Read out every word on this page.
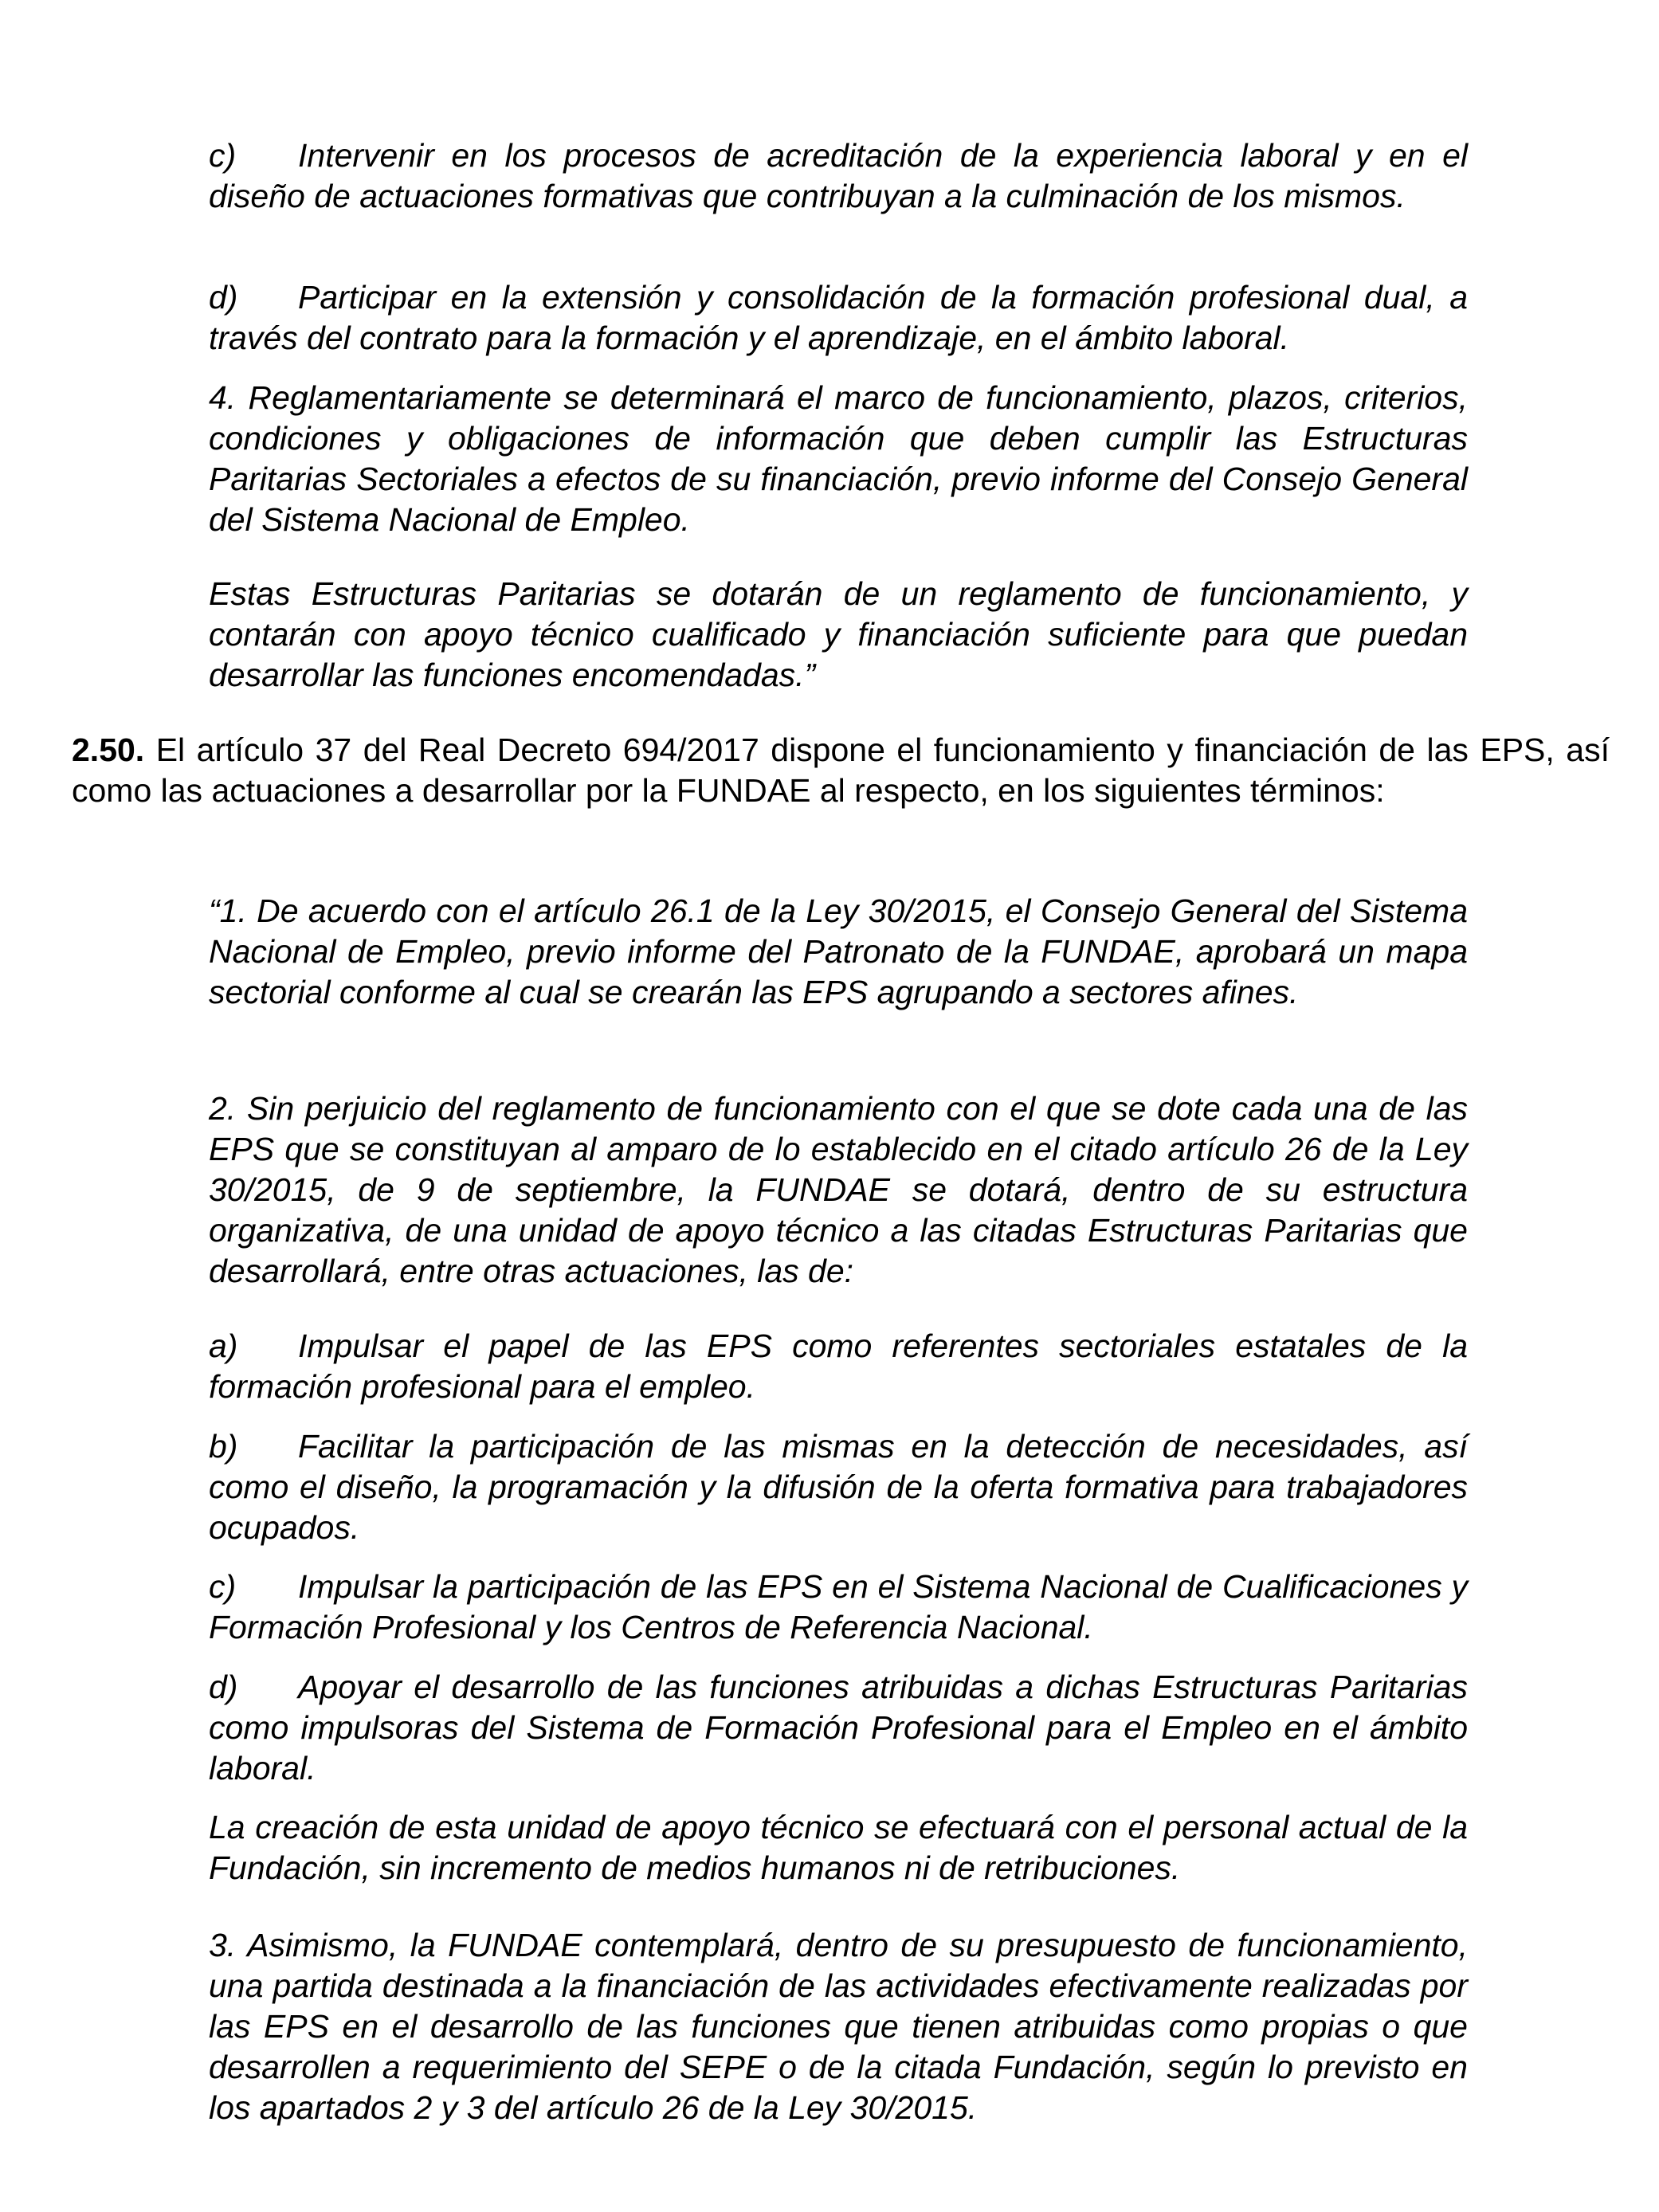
c) Intervenir en los procesos de acreditación de la experiencia laboral y en el diseño de actuaciones formativas que contribuyan a la culminación de los mismos.

d) Participar en la extensión y consolidación de la formación profesional dual, a través del contrato para la formación y el aprendizaje, en el ámbito laboral.

4. Reglamentariamente se determinará el marco de funcionamiento, plazos, criterios, condiciones y obligaciones de información que deben cumplir las Estructuras Paritarias Sectoriales a efectos de su financiación, previo informe del Consejo General del Sistema Nacional de Empleo.

Estas Estructuras Paritarias se dotarán de un reglamento de funcionamiento, y contarán con apoyo técnico cualificado y financiación suficiente para que puedan desarrollar las funciones encomendadas.”

2.50. El artículo 37 del Real Decreto 694/2017 dispone el funcionamiento y financiación de las EPS, así como las actuaciones a desarrollar por la FUNDAE al respecto, en los siguientes términos:

“1. De acuerdo con el artículo 26.1 de la Ley 30/2015, el Consejo General del Sistema Nacional de Empleo, previo informe del Patronato de la FUNDAE, aprobará un mapa sectorial conforme al cual se crearán las EPS agrupando a sectores afines.

2. Sin perjuicio del reglamento de funcionamiento con el que se dote cada una de las EPS que se constituyan al amparo de lo establecido en el citado artículo 26 de la Ley 30/2015, de 9 de septiembre, la FUNDAE se dotará, dentro de su estructura organizativa, de una unidad de apoyo técnico a las citadas Estructuras Paritarias que desarrollará, entre otras actuaciones, las de:

a) Impulsar el papel de las EPS como referentes sectoriales estatales de la formación profesional para el empleo.

b) Facilitar la participación de las mismas en la detección de necesidades, así como el diseño, la programación y la difusión de la oferta formativa para trabajadores ocupados.

c) Impulsar la participación de las EPS en el Sistema Nacional de Cualificaciones y Formación Profesional y los Centros de Referencia Nacional.

d) Apoyar el desarrollo de las funciones atribuidas a dichas Estructuras Paritarias como impulsoras del Sistema de Formación Profesional para el Empleo en el ámbito laboral.

La creación de esta unidad de apoyo técnico se efectuará con el personal actual de la Fundación, sin incremento de medios humanos ni de retribuciones.

3. Asimismo, la FUNDAE contemplará, dentro de su presupuesto de funcionamiento, una partida destinada a la financiación de las actividades efectivamente realizadas por las EPS en el desarrollo de las funciones que tienen atribuidas como propias o que desarrollen a requerimiento del SEPE o de la citada Fundación, según lo previsto en los apartados 2 y 3 del artículo 26 de la Ley 30/2015.
